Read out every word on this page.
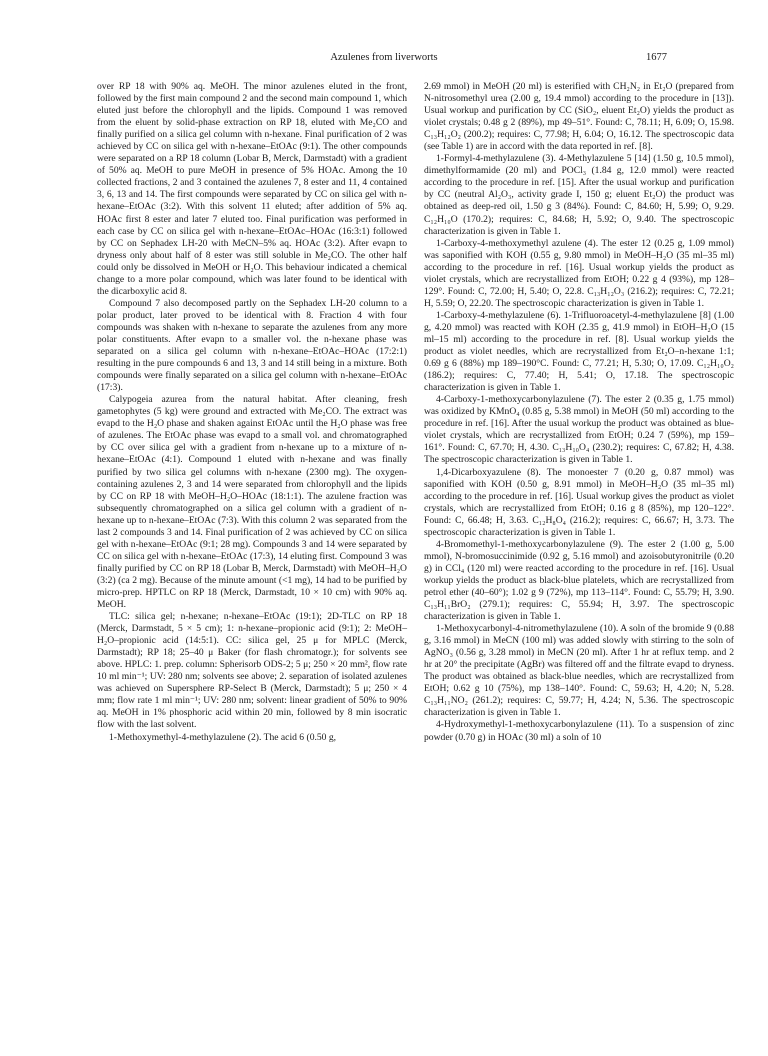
Azulenes from liverworts	1677

over RP 18 with 90% aq. MeOH. The minor azulenes eluted in the front, followed by the first main compound 2 and the second main compound 1, which eluted just before the chlorophyll and the lipids. Compound 1 was removed from the eluent by solid-phase extraction on RP 18, eluted with Me₂CO and finally purified on a silica gel column with n-hexane. Final purification of 2 was achieved by CC on silica gel with n-hexane–EtOAc (9:1). The other compounds were separated on a RP 18 column (Lobar B, Merck, Darmstadt) with a gradient of 50% aq. MeOH to pure MeOH in presence of 5% HOAc. Among the 10 collected fractions, 2 and 3 contained the azulenes 7, 8 ester and 11, 4 contained 3, 6, 13 and 14. The first compounds were separated by CC on silica gel with n-hexane–EtOAc (3:2). With this solvent 11 eluted; after addition of 5% aq. HOAc first 8 ester and later 7 eluted too. Final purification was performed in each case by CC on silica gel with n-hexane–EtOAc–HOAc (16:3:1) followed by CC on Sephadex LH-20 with MeCN–5% aq. HOAc (3:2). After evapn to dryness only about half of 8 ester was still soluble in Me₂CO. The other half could only be dissolved in MeOH or H₂O. This behaviour indicated a chemical change to a more polar compound, which was later found to be identical with the dicarboxylic acid 8.

Compound 7 also decomposed partly on the Sephadex LH-20 column to a polar product, later proved to be identical with 8. Fraction 4 with four compounds was shaken with n-hexane to separate the azulenes from any more polar constituents. After evapn to a smaller vol. the n-hexane phase was separated on a silica gel column with n-hexane–EtOAc–HOAc (17:2:1) resulting in the pure compounds 6 and 13, 3 and 14 still being in a mixture. Both compounds were finally separated on a silica gel column with n-hexane–EtOAc (17:3).

Calypogeia azurea from the natural habitat. After cleaning, fresh gametophytes (5 kg) were ground and extracted with Me₂CO. The extract was evapd to the H₂O phase and shaken against EtOAc until the H₂O phase was free of azulenes. The EtOAc phase was evapd to a small vol. and chromatographed by CC over silica gel with a gradient from n-hexane up to a mixture of n-hexane–EtOAc (4:1). Compound 1 eluted with n-hexane and was finally purified by two silica gel columns with n-hexane (2300 mg). The oxygen-containing azulenes 2, 3 and 14 were separated from chlorophyll and the lipids by CC on RP 18 with MeOH–H₂O–HOAc (18:1:1). The azulene fraction was subsequently chromatographed on a silica gel column with a gradient of n-hexane up to n-hexane–EtOAc (7:3). With this column 2 was separated from the last 2 compounds 3 and 14. Final purification of 2 was achieved by CC on silica gel with n-hexane–EtOAc (9:1; 28 mg). Compounds 3 and 14 were separated by CC on silica gel with n-hexane–EtOAc (17:3), 14 eluting first. Compound 3 was finally purified by CC on RP 18 (Lobar B, Merck, Darmstadt) with MeOH–H₂O (3:2) (ca 2 mg). Because of the minute amount (<1 mg), 14 had to be purified by micro-prep. HPTLC on RP 18 (Merck, Darmstadt, 10 × 10 cm) with 90% aq. MeOH.

TLC: silica gel; n-hexane; n-hexane–EtOAc (19:1); 2D-TLC on RP 18 (Merck, Darmstadt, 5 × 5 cm); 1: n-hexane–propionic acid (9:1); 2: MeOH–H₂O–propionic acid (14:5:1). CC: silica gel, 25 μ for MPLC (Merck, Darmstadt); RP 18; 25–40 μ Baker (for flash chromatogr.); for solvents see above. HPLC: 1. prep. column: Spherisorb ODS-2; 5 μ; 250 × 20 mm², flow rate 10 ml min⁻¹; UV: 280 nm; solvents see above; 2. separation of isolated azulenes was achieved on Supersphere RP-Select B (Merck, Darmstadt); 5 μ; 250 × 4 mm; flow rate 1 ml min⁻¹; UV: 280 nm; solvent: linear gradient of 50% to 90% aq. MeOH in 1% phosphoric acid within 20 min, followed by 8 min isocratic flow with the last solvent.

1-Methoxymethyl-4-methylazulene (2). The acid 6 (0.50 g,

2.69 mmol) in MeOH (20 ml) is esterified with CH₂N₂ in Et₂O (prepared from N-nitrosomethyl urea (2.00 g, 19.4 mmol) according to the procedure in [13]). Usual workup and purification by CC (SiO₂, eluent Et₂O) yields the product as violet crystals; 0.48 g 2 (89%), mp 49–51°. Found: C, 78.11; H, 6.09; O, 15.98. C₁₃H₁₂O₂ (200.2); requires: C, 77.98; H, 6.04; O, 16.12. The spectroscopic data (see Table 1) are in accord with the data reported in ref. [8].

1-Formyl-4-methylazulene (3). 4-Methylazulene 5 [14] (1.50 g, 10.5 mmol), dimethylformamide (20 ml) and POCl₃ (1.84 g, 12.0 mmol) were reacted according to the procedure in ref. [15]. After the usual workup and purification by CC (neutral Al₂O₃, activity grade I, 150 g; eluent Et₂O) the product was obtained as deep-red oil, 1.50 g 3 (84%). Found: C, 84.60; H, 5.99; O, 9.29. C₁₂H₁₀O (170.2); requires: C, 84.68; H, 5.92; O, 9.40. The spectroscopic characterization is given in Table 1.

1-Carboxy-4-methoxymethyl azulene (4). The ester 12 (0.25 g, 1.09 mmol) was saponified with KOH (0.55 g, 9.80 mmol) in MeOH–H₂O (35 ml–35 ml) according to the procedure in ref. [16]. Usual workup yields the product as violet crystals, which are recrystallized from EtOH; 0.22 g 4 (93%), mp 128–129°. Found: C, 72.00; H, 5.40; O, 22.8. C₁₃H₁₂O₃ (216.2); requires: C, 72.21; H, 5.59; O, 22.20. The spectroscopic characterization is given in Table 1.

1-Carboxy-4-methylazulene (6). 1-Trifluoroacetyl-4-methylazulene [8] (1.00 g, 4.20 mmol) was reacted with KOH (2.35 g, 41.9 mmol) in EtOH–H₂O (15 ml–15 ml) according to the procedure in ref. [8]. Usual workup yields the product as violet needles, which are recrystallized from Et₂O–n-hexane 1:1; 0.69 g 6 (88%) mp 189–190°C. Found: C, 77.21; H, 5.30; O, 17.09. C₁₂H₁₀O₂ (186.2); requires: C, 77.40; H, 5.41; O, 17.18. The spectroscopic characterization is given in Table 1.

4-Carboxy-1-methoxycarbonylazulene (7). The ester 2 (0.35 g, 1.75 mmol) was oxidized by KMnO₄ (0.85 g, 5.38 mmol) in MeOH (50 ml) according to the procedure in ref. [16]. After the usual workup the product was obtained as blue-violet crystals, which are recrystallized from EtOH; 0.24 7 (59%), mp 159–161°. Found: C, 67.70; H, 4.30. C₁₃H₁₀O₄ (230.2); requires: C, 67.82; H, 4.38. The spectroscopic characterization is given in Table 1.

1,4-Dicarboxyazulene (8). The monoester 7 (0.20 g, 0.87 mmol) was saponified with KOH (0.50 g, 8.91 mmol) in MeOH–H₂O (35 ml–35 ml) according to the procedure in ref. [16]. Usual workup gives the product as violet crystals, which are recrystallized from EtOH; 0.16 g 8 (85%), mp 120–122°. Found: C, 66.48; H, 3.63. C₁₂H₈O₄ (216.2); requires: C, 66.67; H, 3.73. The spectroscopic characterization is given in Table 1.

4-Bromomethyl-1-methoxycarbonylazulene (9). The ester 2 (1.00 g, 5.00 mmol), N-bromosuccinimide (0.92 g, 5.16 mmol) and azoisobutyronitrile (0.20 g) in CCl₄ (120 ml) were reacted according to the procedure in ref. [16]. Usual workup yields the product as black-blue platelets, which are recrystallized from petrol ether (40–60°); 1.02 g 9 (72%), mp 113–114°. Found: C, 55.79; H, 3.90. C₁₃H₁₁BrO₂ (279.1); requires: C, 55.94; H, 3.97. The spectroscopic characterization is given in Table 1.

1-Methoxycarbonyl-4-nitromethylazulene (10). A soln of the bromide 9 (0.88 g, 3.16 mmol) in MeCN (100 ml) was added slowly with stirring to the soln of AgNO₃ (0.56 g, 3.28 mmol) in MeCN (20 ml). After 1 hr at reflux temp. and 2 hr at 20° the precipitate (AgBr) was filtered off and the filtrate evapd to dryness. The product was obtained as black-blue needles, which are recrystallized from EtOH; 0.62 g 10 (75%), mp 138–140°. Found: C, 59.63; H, 4.20; N, 5.28. C₁₃H₁₁NO₂ (261.2); requires: C, 59.77; H, 4.24; N, 5.36. The spectroscopic characterization is given in Table 1.

4-Hydroxymethyl-1-methoxycarbonylazulene (11). To a suspension of zinc powder (0.70 g) in HOAc (30 ml) a soln of 10
